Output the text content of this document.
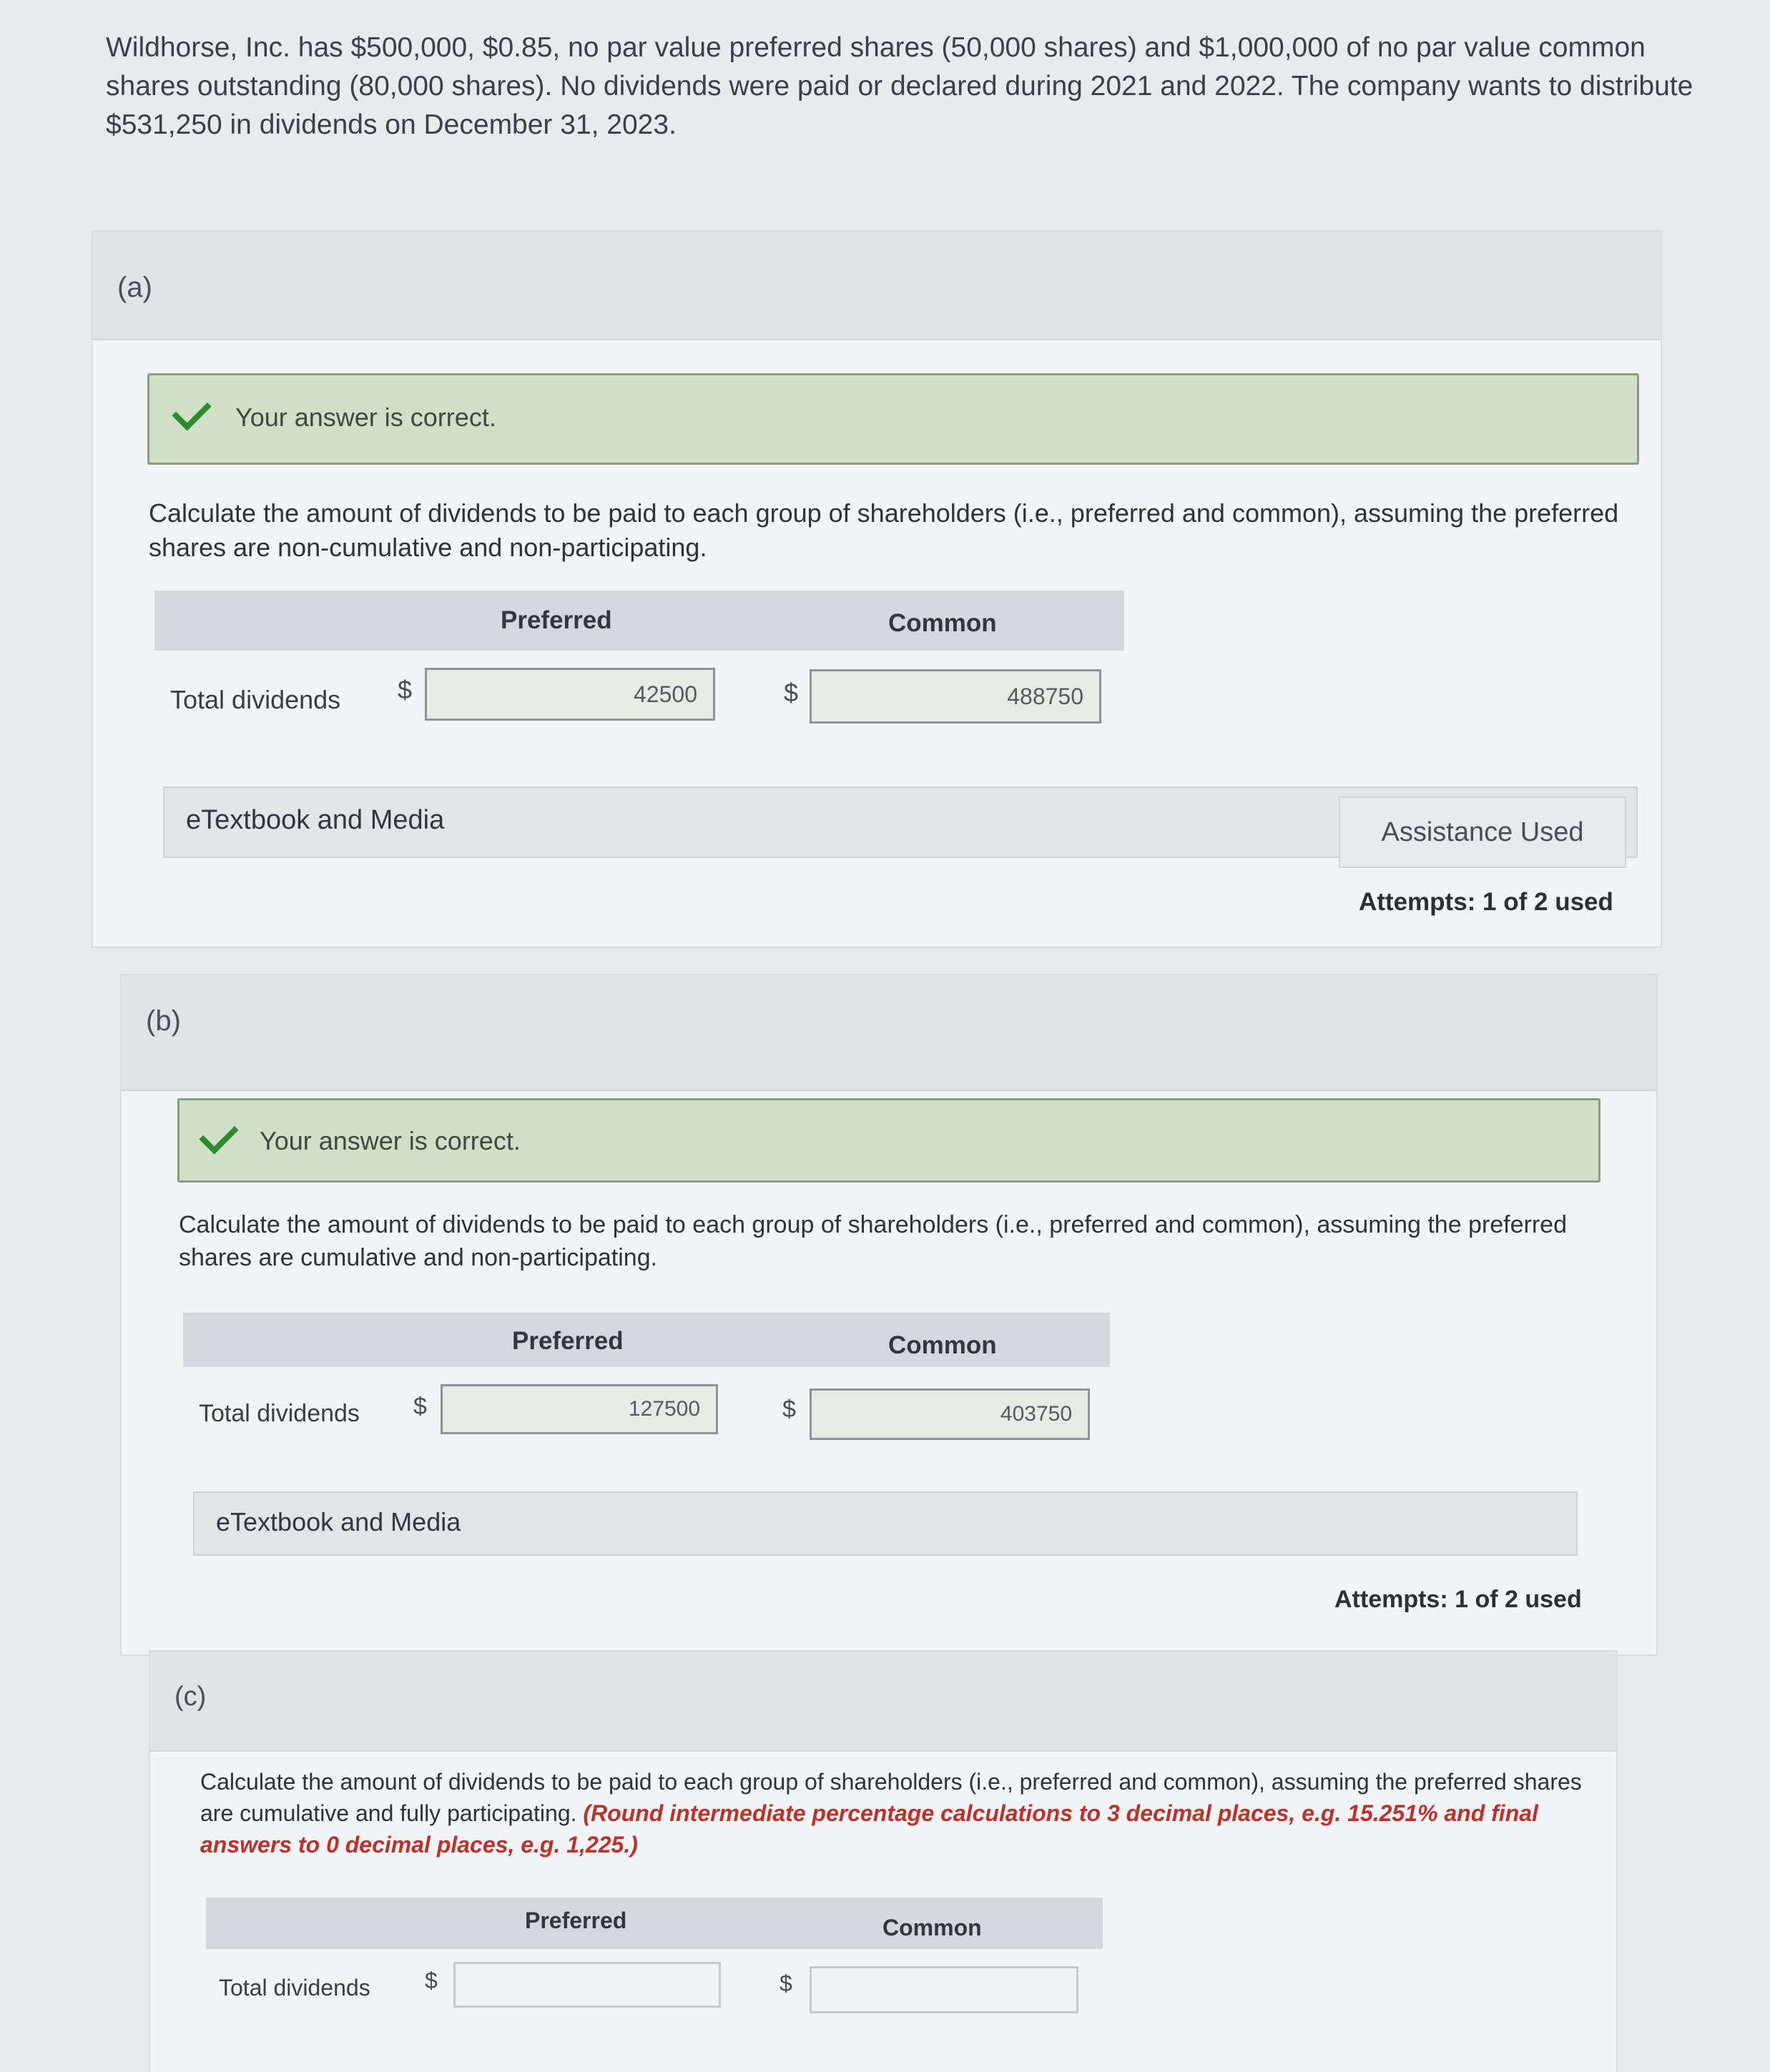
Wildhorse, Inc. has $500,000, $0.85, no par value preferred shares (50,000 shares) and $1,000,000 of no par value common shares outstanding (80,000 shares). No dividends were paid or declared during 2021 and 2022. The company wants to distribute $531,250 in dividends on December 31, 2023.
(a)
Your answer is correct.
Calculate the amount of dividends to be paid to each group of shareholders (i.e., preferred and common), assuming the preferred shares are non-cumulative and non-participating.
Preferred	Common
Total dividends $	42500	$	488750
eTextbook and Media	Assistance Used
Attempts: 1 of 2 used
(b)
Your answer is correct.
Calculate the amount of dividends to be paid to each group of shareholders (i.e., preferred and common), assuming the preferred shares are cumulative and non-participating.
Preferred	Common
Total dividends $	127500	$	403750
eTextbook and Media
Attempts: 1 of 2 used
(c)
Calculate the amount of dividends to be paid to each group of shareholders (i.e., preferred and common), assuming the preferred shares are cumulative and fully participating. (Round intermediate percentage calculations to 3 decimal places, e.g. 15.251% and final answers to 0 decimal places, e.g. 1,225.)
Preferred	Common
Total dividends $	$
